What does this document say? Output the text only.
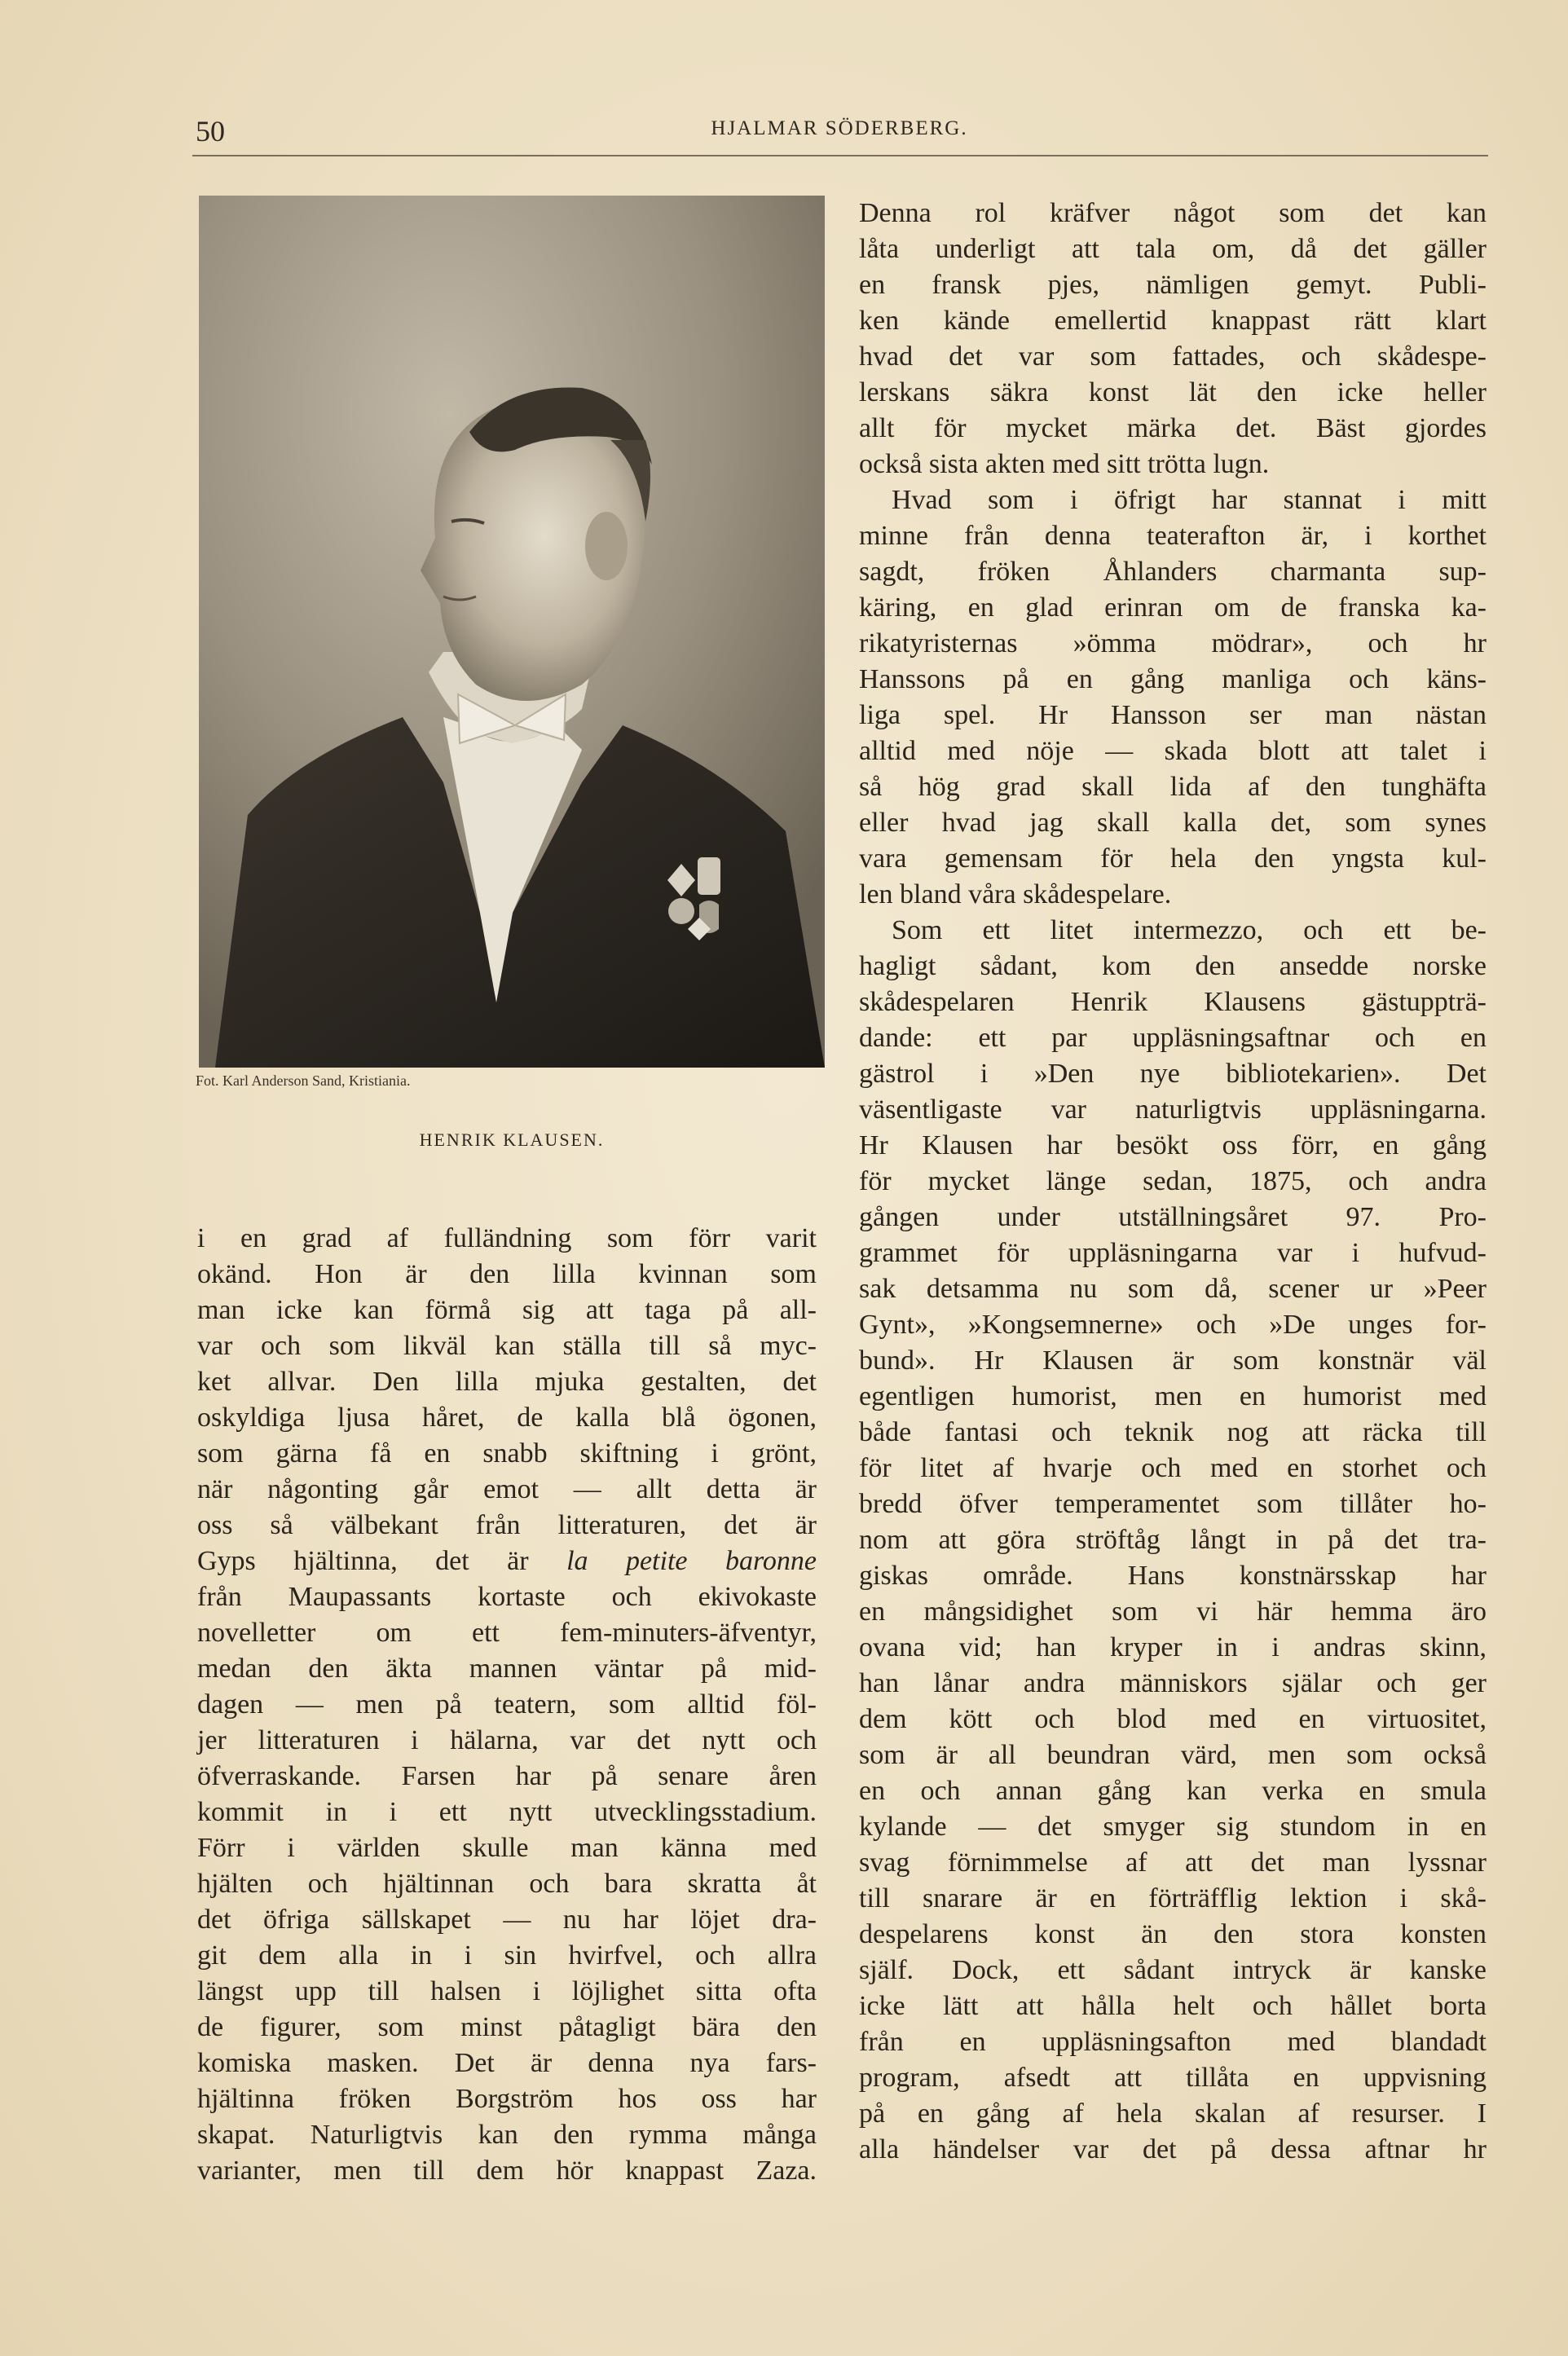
50	HJALMAR SÖDERBERG.
Fot. Karl Anderson Sand, Kristiania.
HENRIK KLAUSEN.
i en grad af fulländning som förr varit
okänd. Hon är den lilla kvinnan som
man icke kan förmå sig att taga på all-
var och som likväl kan ställa till så myc-
ket allvar. Den lilla mjuka gestalten, det
oskyldiga ljusa håret, de kalla blå ögonen,
som gärna få en snabb skiftning i grönt,
när någonting går emot — allt detta är
oss så välbekant från litteraturen, det är
Gyps hjältinna, det är la petite baronne
från Maupassants kortaste och ekivokaste
novelletter om ett fem-minuters-äfventyr,
medan den äkta mannen väntar på mid-
dagen — men på teatern, som alltid föl-
jer litteraturen i hälarna, var det nytt och
öfverraskande. Farsen har på senare åren
kommit in i ett nytt utvecklingsstadium.
Förr i världen skulle man känna med
hjälten och hjältinnan och bara skratta åt
det öfriga sällskapet — nu har löjet dra-
git dem alla in i sin hvirfvel, och allra
längst upp till halsen i löjlighet sitta ofta
de figurer, som minst påtagligt bära den
komiska masken. Det är denna nya fars-
hjältinna fröken Borgström hos oss har
skapat. Naturligtvis kan den rymma många
varianter, men till dem hör knappast Zaza.
Denna rol kräfver något som det kan
låta underligt att tala om, då det gäller
en fransk pjes, nämligen gemyt. Publi-
ken kände emellertid knappast rätt klart
hvad det var som fattades, och skådespe-
lerskans säkra konst lät den icke heller
allt för mycket märka det. Bäst gjordes
också sista akten med sitt trötta lugn.
Hvad som i öfrigt har stannat i mitt
minne från denna teaterafton är, i korthet
sagdt, fröken Åhlanders charmanta sup-
käring, en glad erinran om de franska ka-
rikatyristernas »ömma mödrar», och hr
Hanssons på en gång manliga och käns-
liga spel. Hr Hansson ser man nästan
alltid med nöje — skada blott att talet i
så hög grad skall lida af den tunghäfta
eller hvad jag skall kalla det, som synes
vara gemensam för hela den yngsta kul-
len bland våra skådespelare.
Som ett litet intermezzo, och ett be-
hagligt sådant, kom den ansedde norske
skådespelaren Henrik Klausens gästuppträ-
dande: ett par uppläsningsaftnar och en
gästrol i »Den nye bibliotekarien». Det
väsentligaste var naturligtvis uppläsningarna.
Hr Klausen har besökt oss förr, en gång
för mycket länge sedan, 1875, och andra
gången under utställningsåret 97. Pro-
grammet för uppläsningarna var i hufvud-
sak detsamma nu som då, scener ur »Peer
Gynt», »Kongsemnerne» och »De unges for-
bund». Hr Klausen är som konstnär väl
egentligen humorist, men en humorist med
både fantasi och teknik nog att räcka till
för litet af hvarje och med en storhet och
bredd öfver temperamentet som tillåter ho-
nom att göra ströftåg långt in på det tra-
giskas område. Hans konstnärsskap har
en mångsidighet som vi här hemma äro
ovana vid; han kryper in i andras skinn,
han lånar andra människors själar och ger
dem kött och blod med en virtuositet,
som är all beundran värd, men som också
en och annan gång kan verka en smula
kylande — det smyger sig stundom in en
svag förnimmelse af att det man lyssnar
till snarare är en förträfflig lektion i skå-
despelarens konst än den stora konsten
själf. Dock, ett sådant intryck är kanske
icke lätt att hålla helt och hållet borta
från en uppläsningsafton med blandadt
program, afsedt att tillåta en uppvisning
på en gång af hela skalan af resurser. I
alla händelser var det på dessa aftnar hr
